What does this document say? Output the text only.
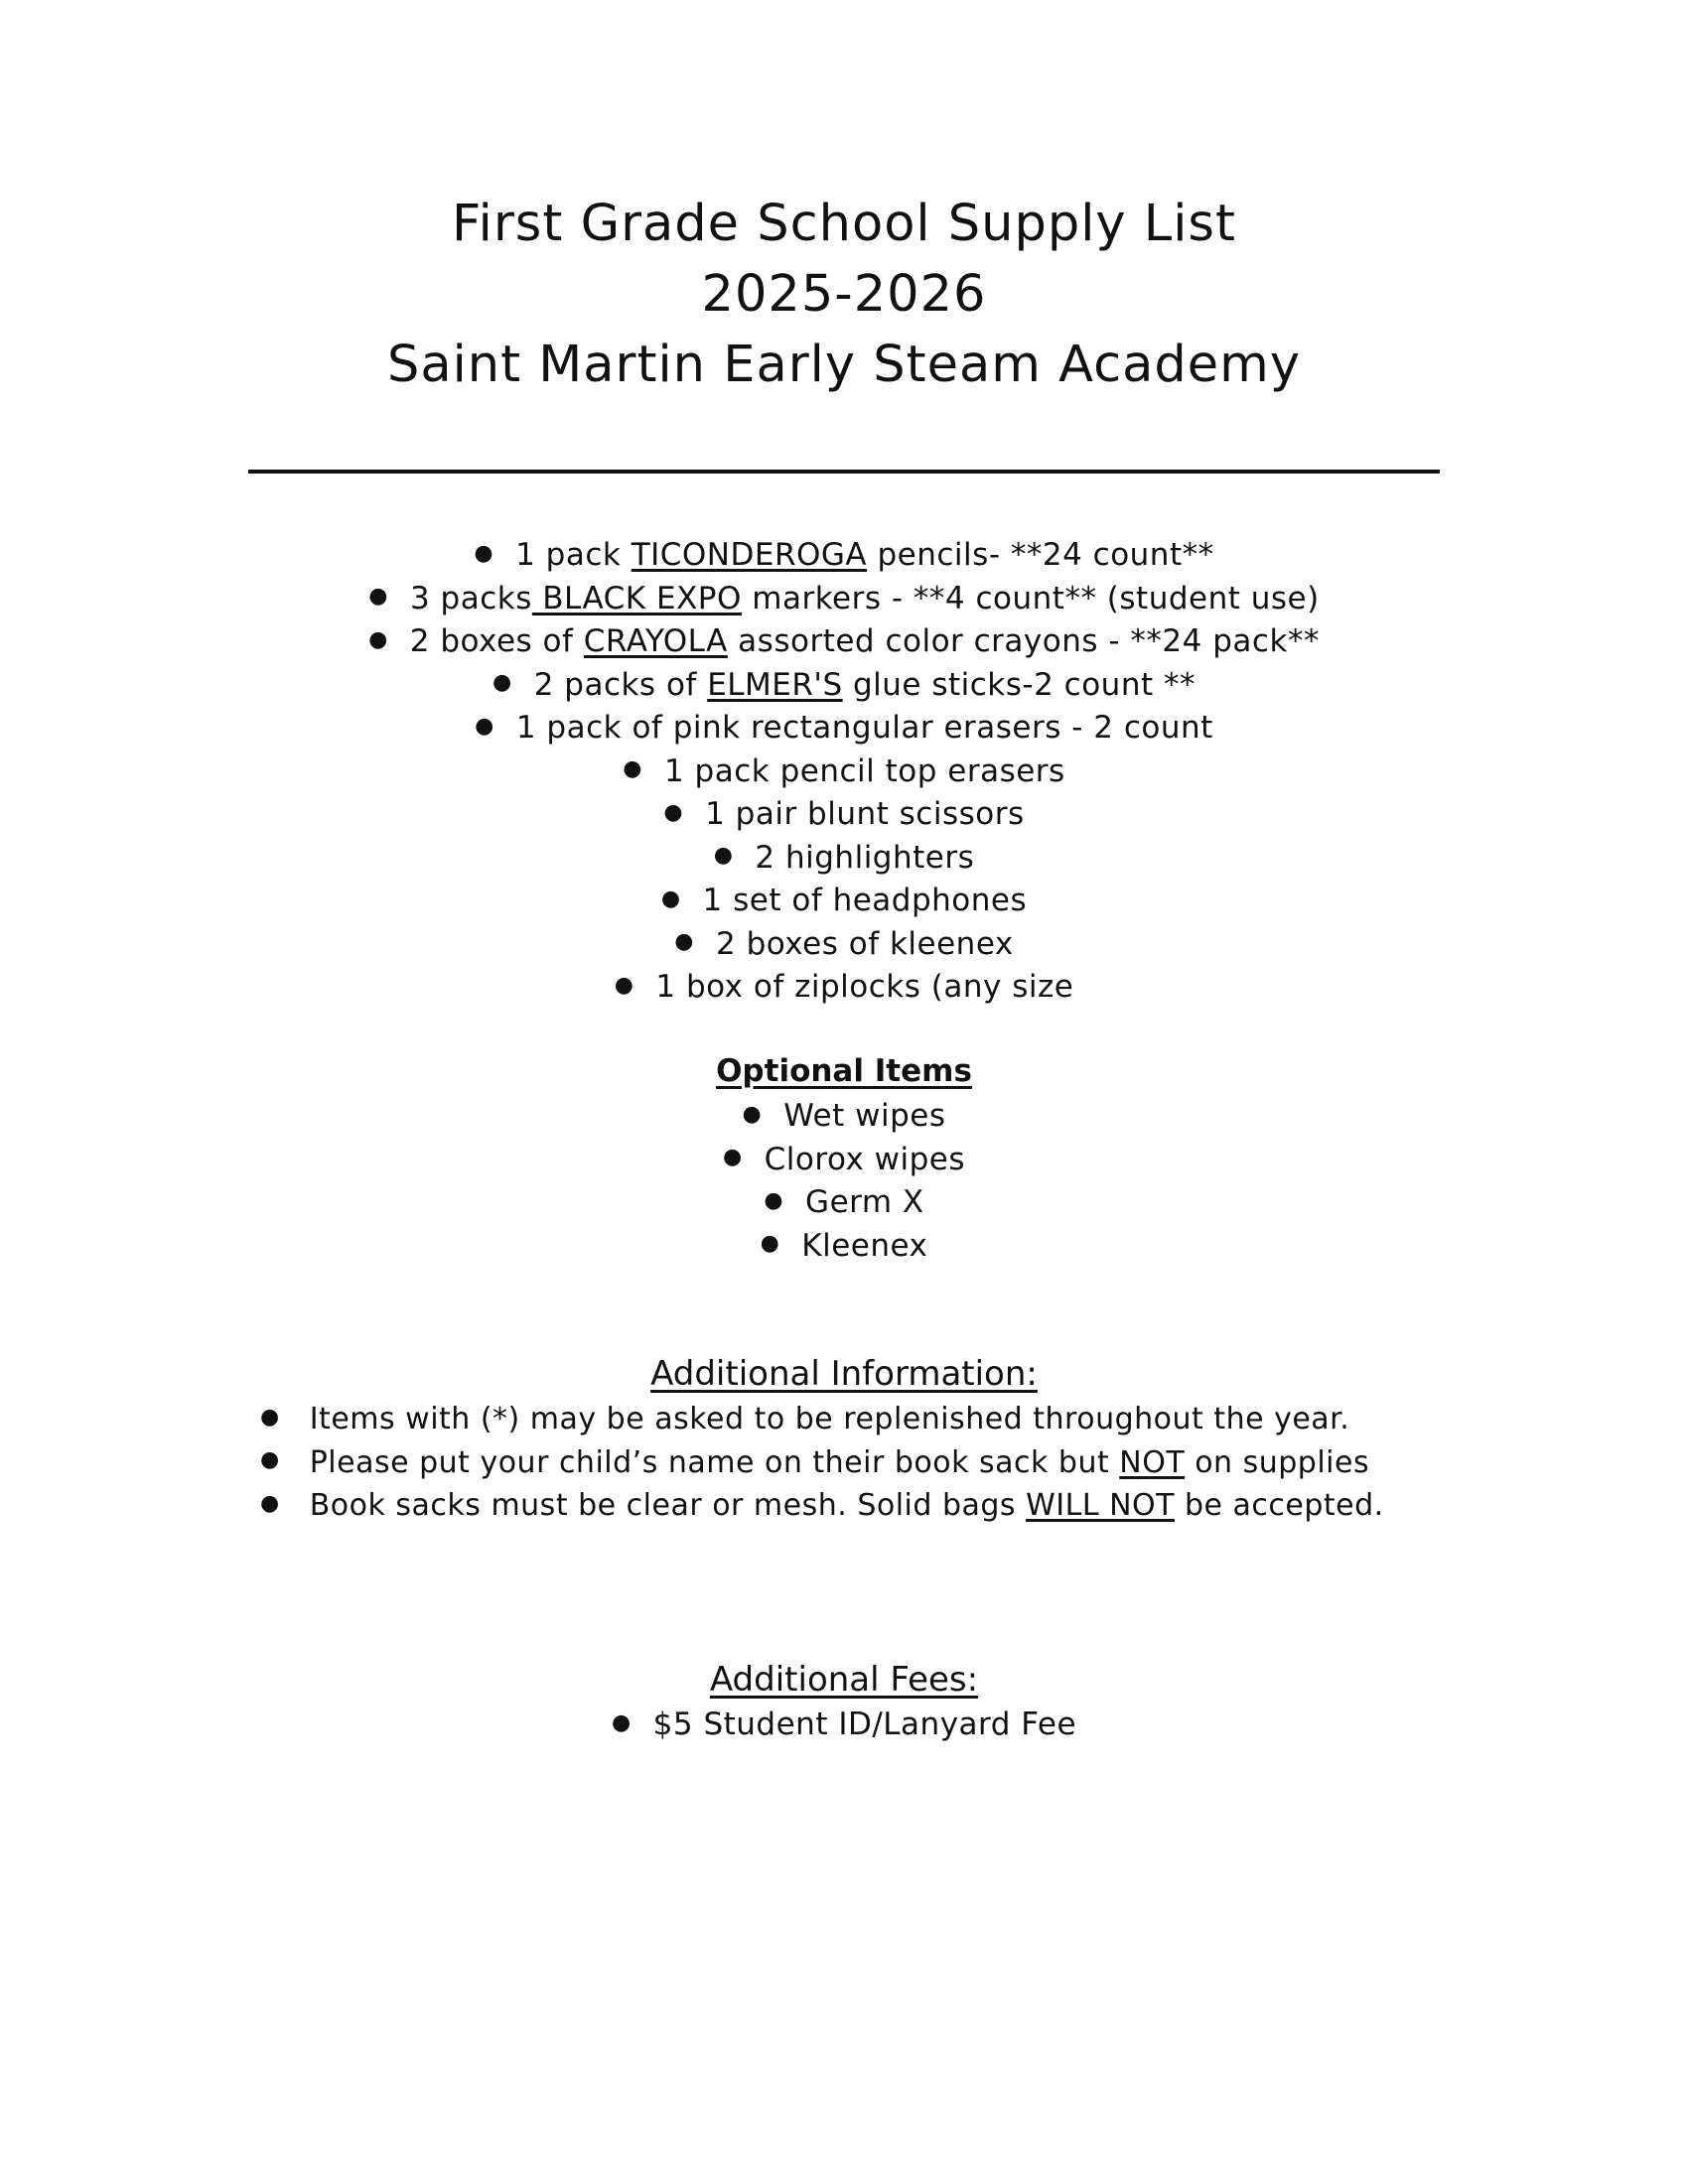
First Grade School Supply List
2025-2026
Saint Martin Early Steam Academy
● 1 pack TICONDEROGA pencils- **24 count**
● 3 packs BLACK EXPO markers - **4 count** (student use)
● 2 boxes of CRAYOLA assorted color crayons - **24 pack**
● 2 packs of ELMER'S glue sticks-2 count **
● 1 pack of pink rectangular erasers - 2 count
● 1 pack pencil top erasers
● 1 pair blunt scissors
● 2 highlighters
● 1 set of headphones
● 2 boxes of kleenex
● 1 box of ziplocks (any size
Optional Items
● Wet wipes
● Clorox wipes
● Germ X
● Kleenex
Additional Information:
● Items with (*) may be asked to be replenished throughout the year.
● Please put your child’s name on their book sack but NOT on supplies
● Book sacks must be clear or mesh. Solid bags WILL NOT be accepted.
Additional Fees:
● $5 Student ID/Lanyard Fee
